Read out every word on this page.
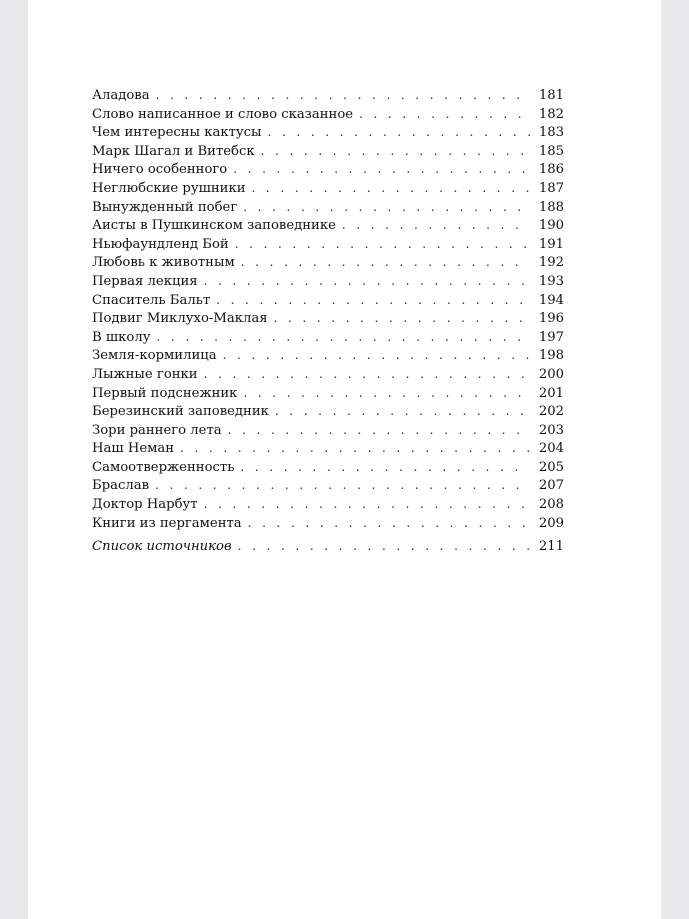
Аладова . . .	181
Слово написанное и слово сказанное . . .	182
Чем интересны кактусы . . .	183
Марк Шагал и Витебск . . .	185
Ничего особенного . . .	186
Неглюбские рушники . . .	187
Вынужденный побег . . .	188
Аисты в Пушкинском заповеднике . . .	190
Ньюфаундленд Бой . . .	191
Любовь к животным . . .	192
Первая лекция . . .	193
Спаситель Бальт . . .	194
Подвиг Миклухо-Маклая . . .	196
В школу . . .	197
Земля-кормилица . . .	198
Лыжные гонки . . .	200
Первый подснежник . . .	201
Березинский заповедник . . .	202
Зори раннего лета . . .	203
Наш Неман . . .	204
Самоотверженность . . .	205
Браслав . . .	207
Доктор Нарбут . . .	208
Книги из пергамента . . .	209
Список источников . . .	211
